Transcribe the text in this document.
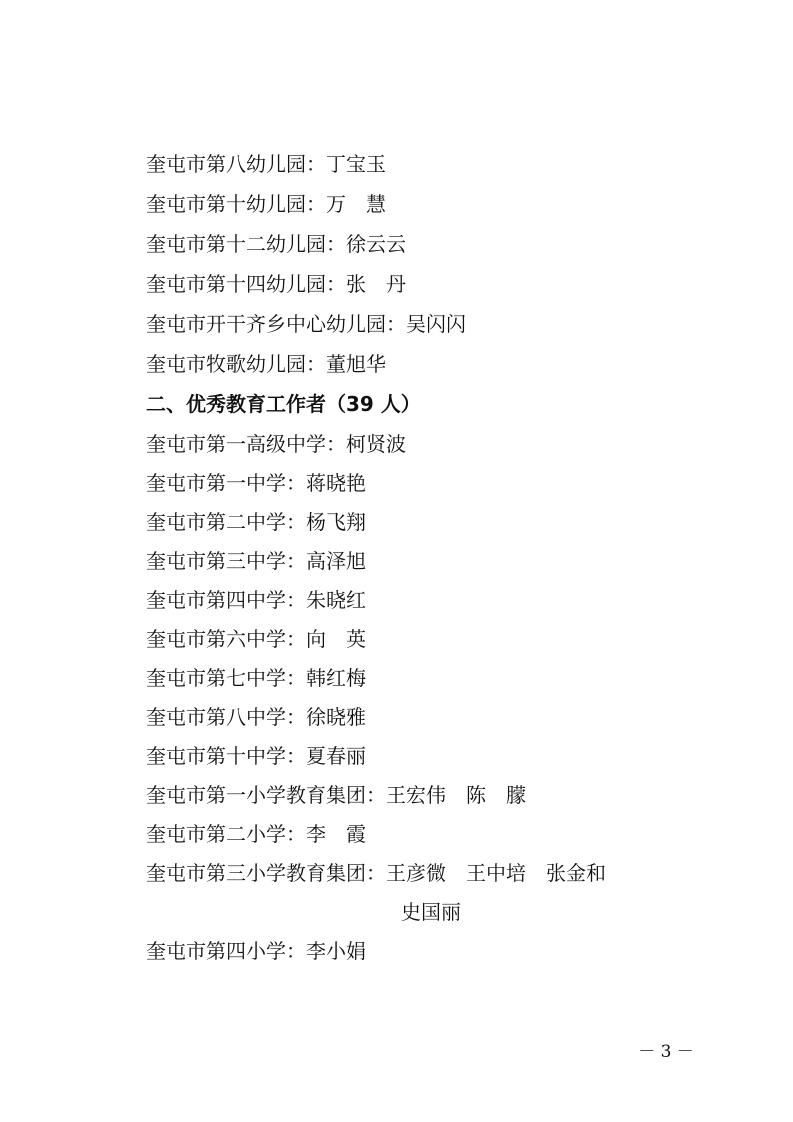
奎屯市第八幼儿园：丁宝玉

奎屯市第十幼儿园：万　慧

奎屯市第十二幼儿园：徐云云

奎屯市第十四幼儿园：张　丹

奎屯市开干齐乡中心幼儿园：吴闪闪

奎屯市牧歌幼儿园：董旭华

二、优秀教育工作者（39 人）

奎屯市第一高级中学：柯贤波

奎屯市第一中学：蒋晓艳

奎屯市第二中学：杨飞翔

奎屯市第三中学：高泽旭

奎屯市第四中学：朱晓红

奎屯市第六中学：向　英

奎屯市第七中学：韩红梅

奎屯市第八中学：徐晓雅

奎屯市第十中学：夏春丽

奎屯市第一小学教育集团：王宏伟　陈　朦

奎屯市第二小学：李　霞

奎屯市第三小学教育集团：王彦微　王中培　张金和

史国丽

奎屯市第四小学：李小娟

－ 3 －
